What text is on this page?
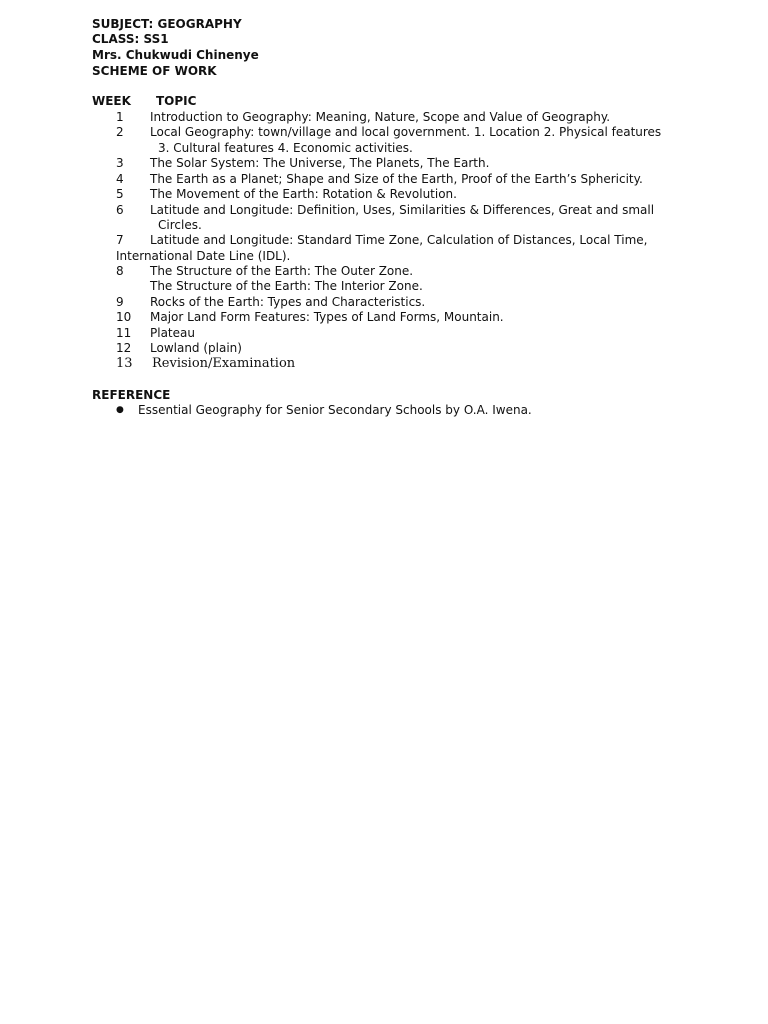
SUBJECT: GEOGRAPHY
CLASS: SS1
Mrs. Chukwudi Chinenye
SCHEME OF WORK
WEEK TOPIC
1 Introduction to Geography: Meaning, Nature, Scope and Value of Geography.
2 Local Geography: town/village and local government. 1. Location 2. Physical features
3. Cultural features 4. Economic activities.
3 The Solar System: The Universe, The Planets, The Earth.
4 The Earth as a Planet; Shape and Size of the Earth, Proof of the Earth’s Sphericity.
5 The Movement of the Earth: Rotation & Revolution.
6 Latitude and Longitude: Definition, Uses, Similarities & Differences, Great and small
Circles.
7 Latitude and Longitude: Standard Time Zone, Calculation of Distances, Local Time,
International Date Line (IDL).
8 The Structure of the Earth: The Outer Zone.
The Structure of the Earth: The Interior Zone.
9 Rocks of the Earth: Types and Characteristics.
10 Major Land Form Features: Types of Land Forms, Mountain.
11 Plateau
12 Lowland (plain)
13 Revision/Examination
REFERENCE
● Essential Geography for Senior Secondary Schools by O.A. Iwena.
